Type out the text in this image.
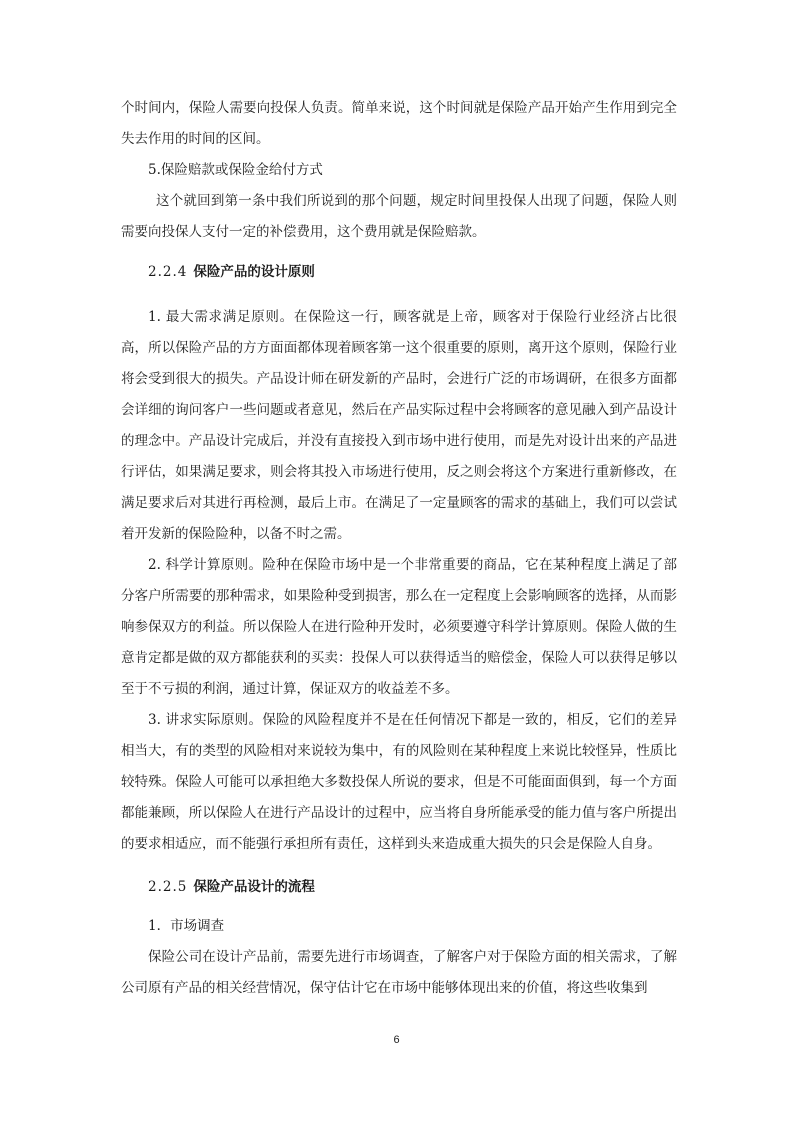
个时间内，保险人需要向投保人负责。简单来说，这个时间就是保险产品开始产生作用到完全失去作用的时间的区间。

5.保险赔款或保险金给付方式

这个就回到第一条中我们所说到的那个问题，规定时间里投保人出现了问题，保险人则需要向投保人支付一定的补偿费用，这个费用就是保险赔款。

2.2.4 保险产品的设计原则

1. 最大需求满足原则。在保险这一行，顾客就是上帝，顾客对于保险行业经济占比很高，所以保险产品的方方面面都体现着顾客第一这个很重要的原则，离开这个原则，保险行业将会受到很大的损失。产品设计师在研发新的产品时，会进行广泛的市场调研，在很多方面都会详细的询问客户一些问题或者意见，然后在产品实际过程中会将顾客的意见融入到产品设计的理念中。产品设计完成后，并没有直接投入到市场中进行使用，而是先对设计出来的产品进行评估，如果满足要求，则会将其投入市场进行使用，反之则会将这个方案进行重新修改，在满足要求后对其进行再检测，最后上市。在满足了一定量顾客的需求的基础上，我们可以尝试着开发新的保险险种，以备不时之需。

2. 科学计算原则。险种在保险市场中是一个非常重要的商品，它在某种程度上满足了部分客户所需要的那种需求，如果险种受到损害，那么在一定程度上会影响顾客的选择，从而影响参保双方的利益。所以保险人在进行险种开发时，必须要遵守科学计算原则。保险人做的生意肯定都是做的双方都能获利的买卖：投保人可以获得适当的赔偿金，保险人可以获得足够以至于不亏损的利润，通过计算，保证双方的收益差不多。

3. 讲求实际原则。保险的风险程度并不是在任何情况下都是一致的，相反，它们的差异相当大，有的类型的风险相对来说较为集中，有的风险则在某种程度上来说比较怪异，性质比较特殊。保险人可能可以承担绝大多数投保人所说的要求，但是不可能面面俱到，每一个方面都能兼顾，所以保险人在进行产品设计的过程中，应当将自身所能承受的能力值与客户所提出的要求相适应，而不能强行承担所有责任，这样到头来造成重大损失的只会是保险人自身。

2.2.5 保险产品设计的流程

1．市场调查

保险公司在设计产品前，需要先进行市场调查，了解客户对于保险方面的相关需求，了解公司原有产品的相关经营情况，保守估计它在市场中能够体现出来的价值，将这些收集到

6
